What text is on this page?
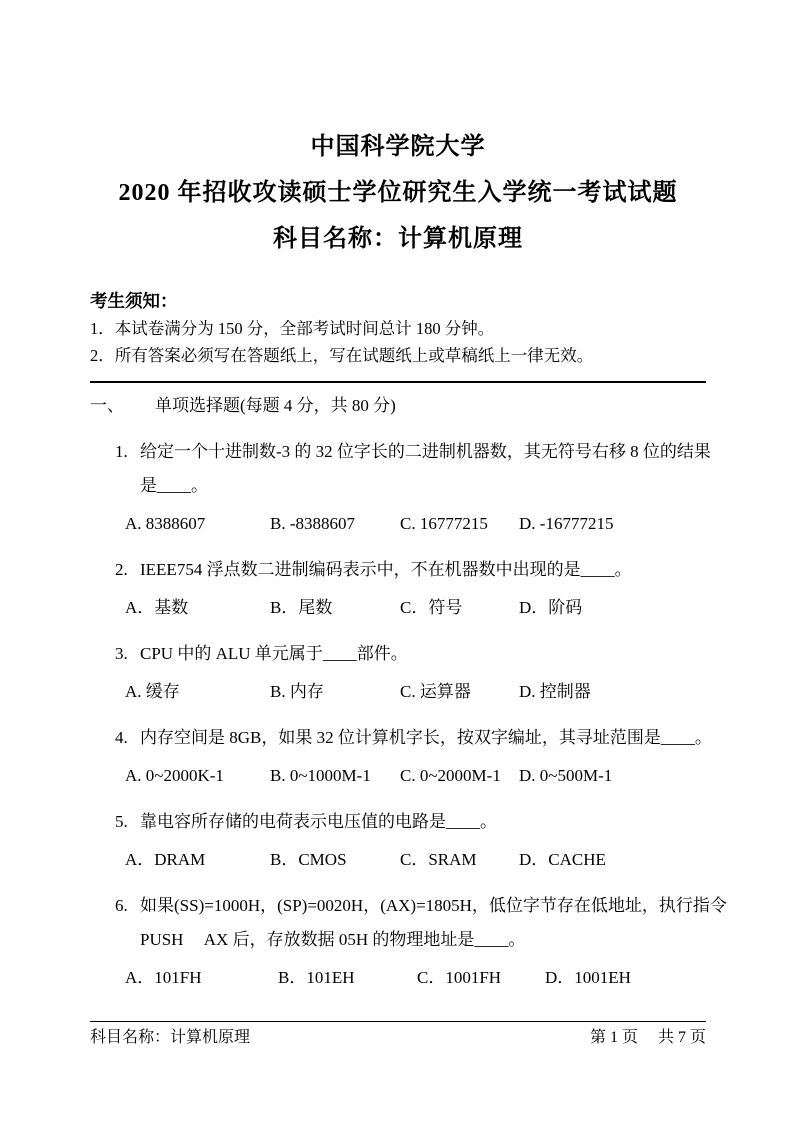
中国科学院大学
2020 年招收攻读硕士学位研究生入学统一考试试题
科目名称：计算机原理
考生须知：
1．本试卷满分为 150 分，全部考试时间总计 180 分钟。
2．所有答案必须写在答题纸上，写在试题纸上或草稿纸上一律无效。
一、 单项选择题(每题 4 分，共 80 分)
1. 给定一个十进制数-3 的 32 位字长的二进制机器数，其无符号右移 8 位的结果
是____。
A. 8388607	B. -8388607	C. 16777215	D. -16777215
2. IEEE754 浮点数二进制编码表示中，不在机器数中出现的是____。
A．基数	B．尾数	C．符号	D．阶码
3. CPU 中的 ALU 单元属于____部件。
A. 缓存	B. 内存	C. 运算器	D. 控制器
4. 内存空间是 8GB，如果 32 位计算机字长，按双字编址，其寻址范围是____。
A. 0~2000K-1	B. 0~1000M-1	C. 0~2000M-1	D. 0~500M-1
5. 靠电容所存储的电荷表示电压值的电路是____。
A．DRAM	B．CMOS	C．SRAM	D．CACHE
6. 如果(SS)=1000H，(SP)=0020H，(AX)=1805H，低位字节存在低地址，执行指令
PUSH　 AX 后，存放数据 05H 的物理地址是____。
A．101FH	B．101EH	C．1001FH	D．1001EH
科目名称：计算机原理	第 1 页　 共 7 页
